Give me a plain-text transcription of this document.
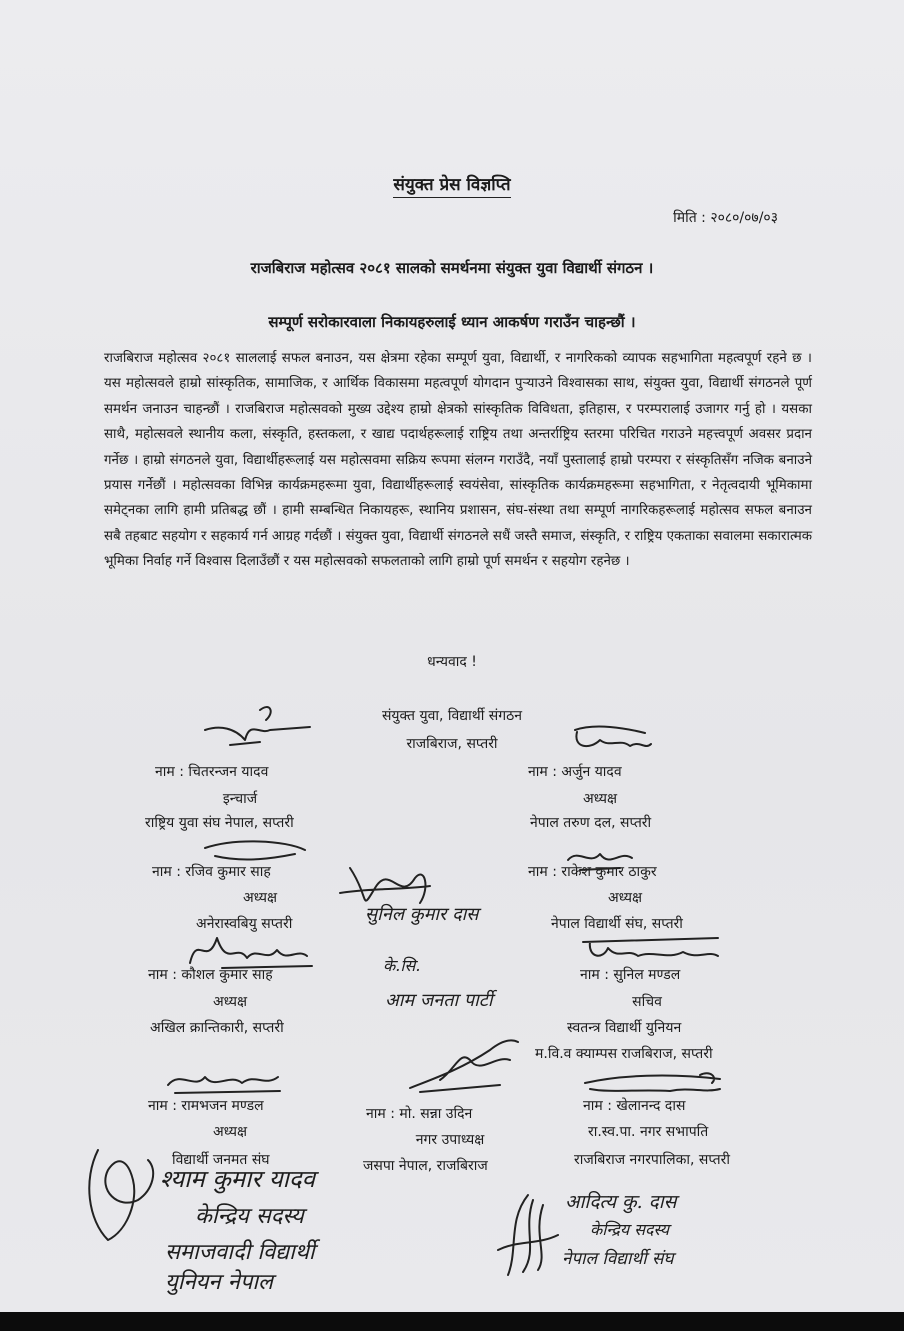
संयुक्त प्रेस विज्ञप्ति
मिति : २०८०/०७/०३
राजबिराज महोत्सव २०८१ सालको समर्थनमा संयुक्त युवा विद्यार्थी संगठन ।
सम्पूर्ण सरोकारवाला निकायहरुलाई ध्यान आकर्षण गराउँन चाहन्छौं ।
राजबिराज महोत्सव २०८१ साललाई सफल बनाउन, यस क्षेत्रमा रहेका सम्पूर्ण युवा, विद्यार्थी, र नागरिकको व्यापक सहभागिता महत्वपूर्ण रहने छ । यस महोत्सवले हाम्रो सांस्कृतिक, सामाजिक, र आर्थिक विकासमा महत्वपूर्ण योगदान पुऱ्याउने विश्वासका साथ, संयुक्त युवा, विद्यार्थी संगठनले पूर्ण समर्थन जनाउन चाहन्छौं । राजबिराज महोत्सवको मुख्य उद्देश्य हाम्रो क्षेत्रको सांस्कृतिक विविधता, इतिहास, र परम्परालाई उजागर गर्नु हो । यसका साथै, महोत्सवले स्थानीय कला, संस्कृति, हस्तकला, र खाद्य पदार्थहरूलाई राष्ट्रिय तथा अन्तर्राष्ट्रिय स्तरमा परिचित गराउने महत्त्वपूर्ण अवसर प्रदान गर्नेछ । हाम्रो संगठनले युवा, विद्यार्थीहरूलाई यस महोत्सवमा सक्रिय रूपमा संलग्न गराउँदै, नयाँ पुस्तालाई हाम्रो परम्परा र संस्कृतिसँग नजिक बनाउने प्रयास गर्नेछौं । महोत्सवका विभिन्न कार्यक्रमहरूमा युवा, विद्यार्थीहरूलाई स्वयंसेवा, सांस्कृतिक कार्यक्रमहरूमा सहभागिता, र नेतृत्वदायी भूमिकामा समेट्नका लागि हामी प्रतिबद्ध छौं । हामी सम्बन्धित निकायहरू, स्थानिय प्रशासन, संघ-संस्था तथा सम्पूर्ण नागरिकहरूलाई महोत्सव सफल बनाउन सबै तहबाट सहयोग र सहकार्य गर्न आग्रह गर्दछौं । संयुक्त युवा, विद्यार्थी संगठनले सधैं जस्तै समाज, संस्कृति, र राष्ट्रिय एकताका सवालमा सकारात्मक भूमिका निर्वाह गर्ने विश्वास दिलाउँछौं र यस महोत्सवको सफलताको लागि हाम्रो पूर्ण समर्थन र सहयोग रहनेछ ।
धन्यवाद !
संयुक्त युवा, विद्यार्थी संगठन
राजबिराज, सप्तरी
नाम : चितरन्जन यादव
इन्चार्ज
राष्ट्रिय युवा संघ नेपाल, सप्तरी
नाम : अर्जुन यादव
अध्यक्ष
नेपाल तरुण दल, सप्तरी
नाम : रजिव कुमार साह
अध्यक्ष
अनेरास्वबियु सप्तरी
नाम : राकेश कुमार ठाकुर
अध्यक्ष
नेपाल विद्यार्थी संघ, सप्तरी
नाम : कौशल कुमार साह
अध्यक्ष
अखिल क्रान्तिकारी, सप्तरी
नाम : सुनिल मण्डल
सचिव
स्वतन्त्र विद्यार्थी युनियन
म.वि.व क्याम्पस राजबिराज, सप्तरी
नाम : रामभजन मण्डल
अध्यक्ष
विद्यार्थी जनमत संघ
नाम : मो. सन्ना उदिन
नगर उपाध्यक्ष
जसपा नेपाल, राजबिराज
नाम : खेलानन्द दास
रा.स्व.पा. नगर सभापति
राजबिराज नगरपालिका, सप्तरी
सुनिल कुमार दास
के.सि.
आम जनता पार्टी
श्याम कुमार यादव
केन्द्रिय सदस्य
समाजवादी विद्यार्थी
युनियन नेपाल
आदित्य कु. दास
केन्द्रिय सदस्य
नेपाल विद्यार्थी संघ
